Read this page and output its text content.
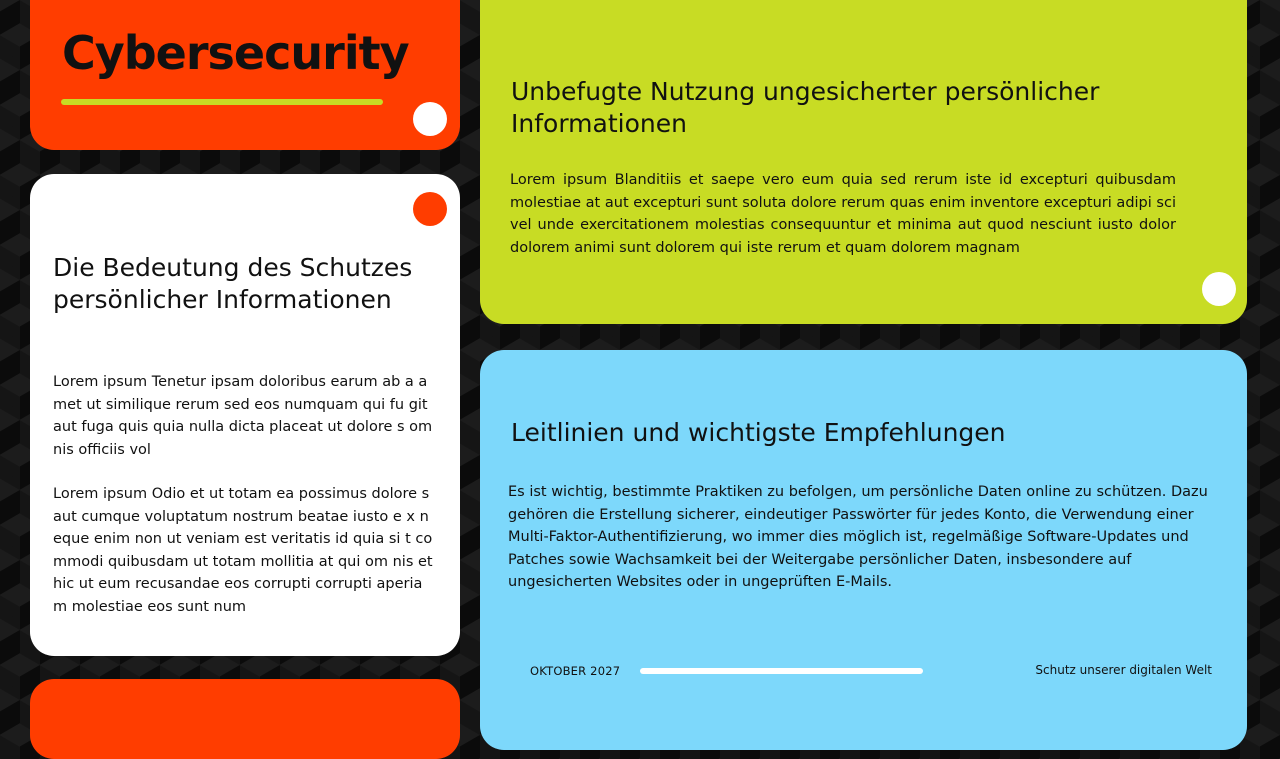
Cybersecurity
Die Bedeutung des Schutzes persönlicher Informationen

Lorem ipsum Tenetur ipsam doloribus earum ab a amet ut similique rerum sed eos numquam qui fu git aut fuga quis quia nulla dicta placeat ut dolore s omnis officiis vol

Lorem ipsum Odio et ut totam ea possimus dolore s aut cumque voluptatum nostrum beatae iusto e x neque enim non ut veniam est veritatis id quia si t commodi quibusdam ut totam mollitia at qui om nis et hic ut eum recusandae eos corrupti corrupti aperiam molestiae eos sunt num

Unbefugte Nutzung ungesicherter persönlicher Informationen

Lorem ipsum Blanditiis et saepe vero eum quia sed rerum iste id excepturi quibusdam molestiae at aut excepturi sunt soluta dolore rerum quas enim inventore excepturi adipi sci vel unde exercitationem molestias consequuntur et minima aut quod nesciunt iusto dolor dolorem animi sunt dolorem qui iste rerum et quam dolorem magnam

Leitlinien und wichtigste Empfehlungen

Es ist wichtig, bestimmte Praktiken zu befolgen, um persönliche Daten online zu schützen. Dazu gehören die Erstellung sicherer, eindeutiger Passwörter für jedes Konto, die Verwendung einer Multi-Faktor-Authentifizierung, wo immer dies möglich ist, regelmäßige Software-Updates und Patches sowie Wachsamkeit bei der Weitergabe persönlicher Daten, insbesondere auf ungesicherten Websites oder in ungeprüften E-Mails.

OKTOBER 2027	Schutz unserer digitalen Welt
